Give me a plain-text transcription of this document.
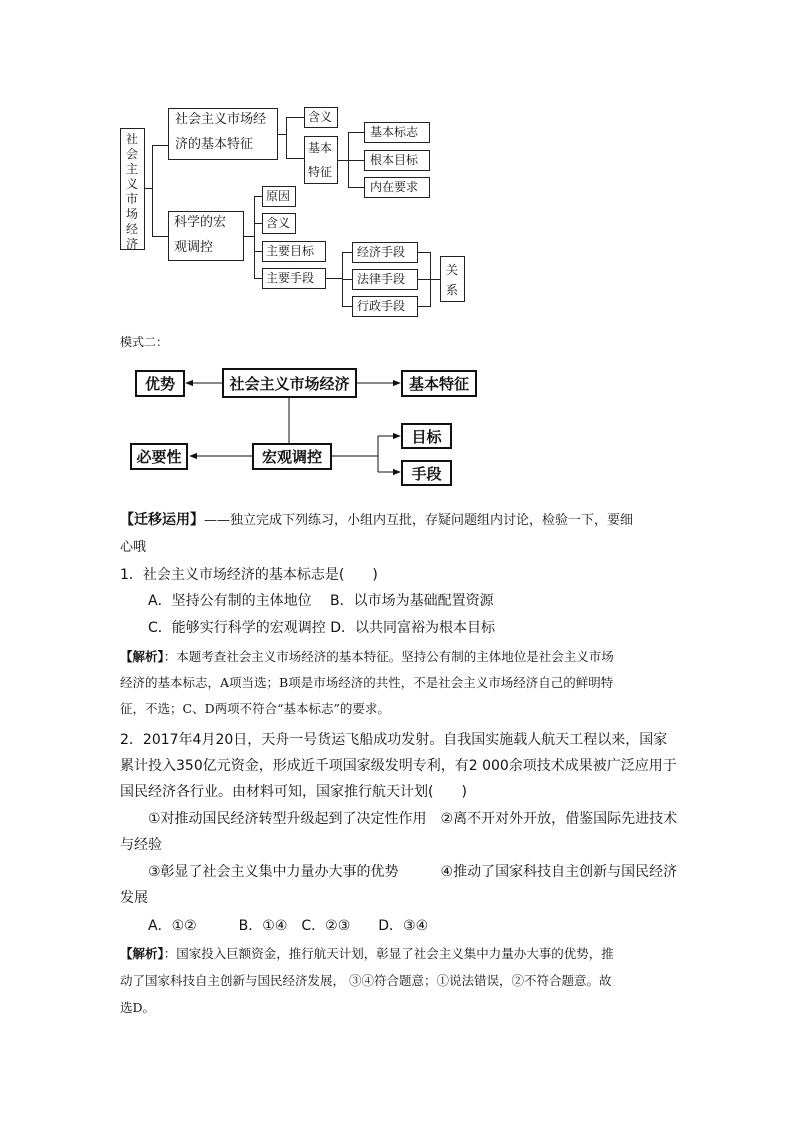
社会主义市场经济
社会主义市场经
济的基本特征
含义
基本
特征
基本标志
根本目标
内在要求
科学的宏
观调控
原因
含义
主要目标
主要手段
经济手段
法律手段
行政手段
关系
模式二：
社会主义市场经济
优势	基本特征
宏观调控
必要性
目标
手段
【迁移运用】——独立完成下列练习，小组内互批，存疑问题组内讨论，检验一下，要细
心哦
1．社会主义市场经济的基本标志是(　　)
A．坚持公有制的主体地位　 B．以市场为基础配置资源
C．能够实行科学的宏观调控 D．以共同富裕为根本目标
【解析】：本题考查社会主义市场经济的基本特征。坚持公有制的主体地位是社会主义市场
经济的基本标志，A项当选；B项是市场经济的共性，不是社会主义市场经济自己的鲜明特
征，不选；C、D两项不符合“基本标志”的要求。
2．2017年4月20日，天舟一号货运飞船成功发射。自我国实施载人航天工程以来，国家
累计投入350亿元资金，形成近千项国家级发明专利，有2 000余项技术成果被广泛应用于
国民经济各行业。由材料可知，国家推行航天计划(　　)
①对推动国民经济转型升级起到了决定性作用　②离不开对外开放，借鉴国际先进技术
与经验
③彰显了社会主义集中力量办大事的优势　　　④推动了国家科技自主创新与国民经济
发展
A．①②　　　B．①④　C．②③　　D．③④
【解析】：国家投入巨额资金，推行航天计划，彰显了社会主义集中力量办大事的优势，推
动了国家科技自主创新与国民经济发展， ③④符合题意；①说法错误，②不符合题意。故
选D。
